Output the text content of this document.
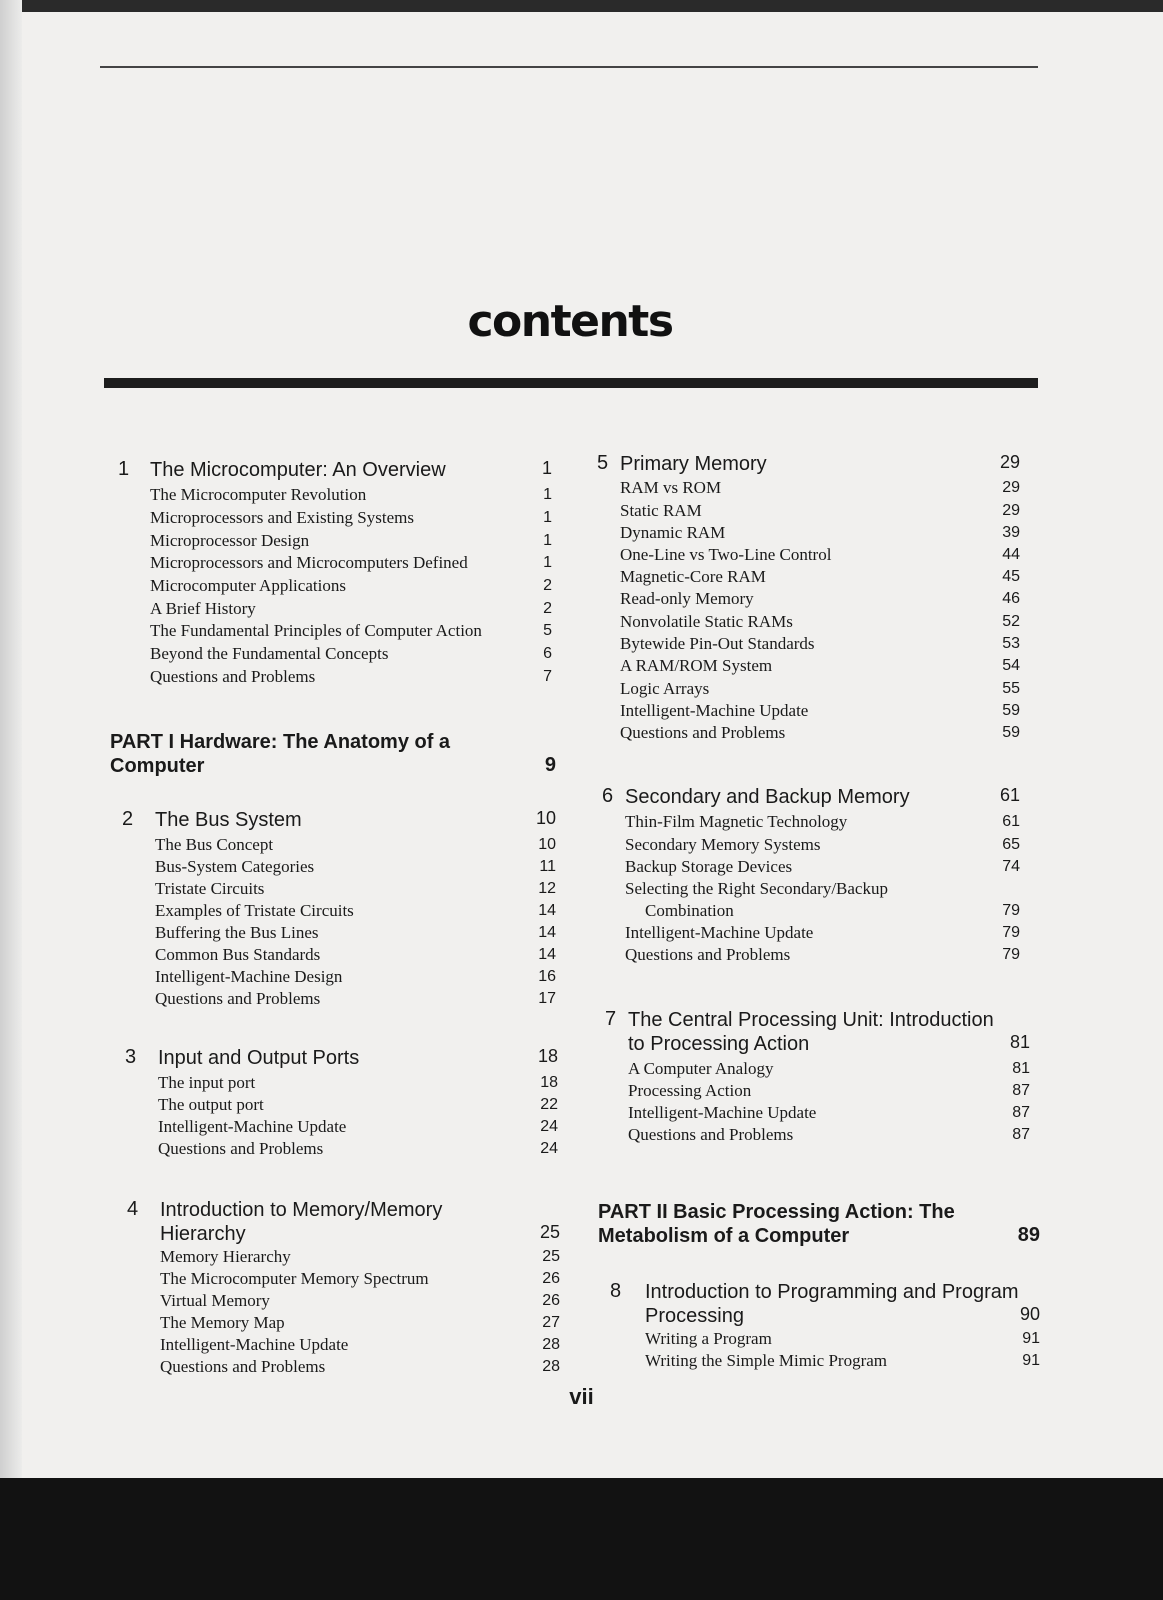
contents
1 The Microcomputer: An Overview	1
The Microcomputer Revolution	1
Microprocessors and Existing Systems	1
Microprocessor Design	1
Microprocessors and Microcomputers Defined	1
Microcomputer Applications	2
A Brief History	2
The Fundamental Principles of Computer Action	5
Beyond the Fundamental Concepts	6
Questions and Problems	7
PART I Hardware: The Anatomy of a
Computer	9
2 The Bus System	10
The Bus Concept	10
Bus-System Categories	11
Tristate Circuits	12
Examples of Tristate Circuits	14
Buffering the Bus Lines	14
Common Bus Standards	14
Intelligent-Machine Design	16
Questions and Problems	17
3 Input and Output Ports	18
The input port	18
The output port	22
Intelligent-Machine Update	24
Questions and Problems	24
4 Introduction to Memory/Memory
Hierarchy	25
Memory Hierarchy	25
The Microcomputer Memory Spectrum	26
Virtual Memory	26
The Memory Map	27
Intelligent-Machine Update	28
Questions and Problems	28
5 Primary Memory	29
RAM vs ROM	29
Static RAM	29
Dynamic RAM	39
One-Line vs Two-Line Control	44
Magnetic-Core RAM	45
Read-only Memory	46
Nonvolatile Static RAMs	52
Bytewide Pin-Out Standards	53
A RAM/ROM System	54
Logic Arrays	55
Intelligent-Machine Update	59
Questions and Problems	59
6 Secondary and Backup Memory	61
Thin-Film Magnetic Technology	61
Secondary Memory Systems	65
Backup Storage Devices	74
Selecting the Right Secondary/Backup
Combination	79
Intelligent-Machine Update	79
Questions and Problems	79
7 The Central Processing Unit: Introduction
to Processing Action	81
A Computer Analogy	81
Processing Action	87
Intelligent-Machine Update	87
Questions and Problems	87
PART II Basic Processing Action: The
Metabolism of a Computer	89
8 Introduction to Programming and Program
Processing	90
Writing a Program	91
Writing the Simple Mimic Program	91
vii
